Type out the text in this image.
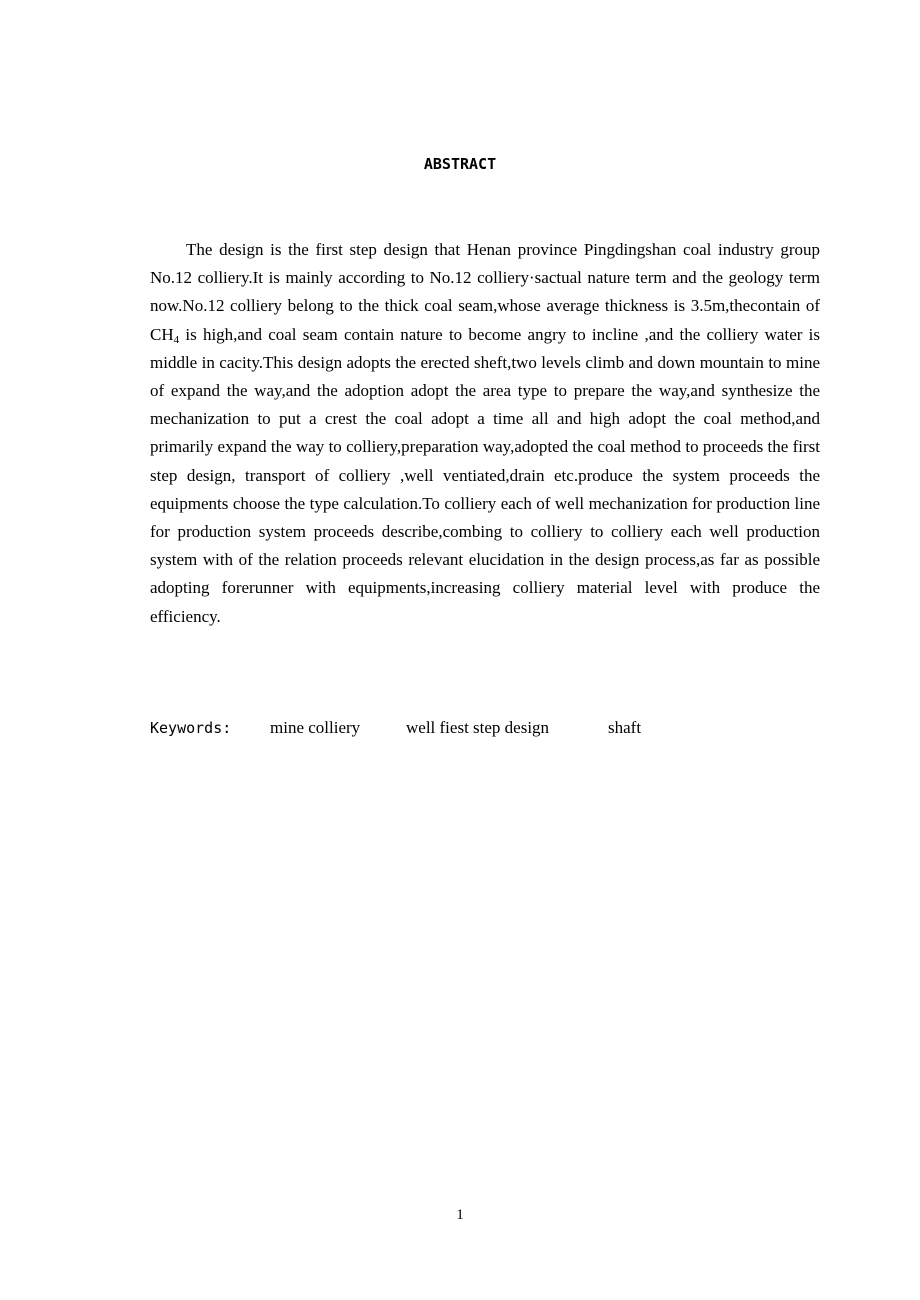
ABSTRACT

The design is the first step design that Henan province Pingdingshan coal industry group No.12 colliery.It is mainly according to No.12 colliery·sactual nature term and the geology term now.No.12 colliery belong to the thick coal seam,whose average thickness is 3.5m,thecontain of $CH_4$ is high,and coal seam contain nature to become angry to incline ,and the colliery water is middle in cacity.This design adopts the erected sheft,two levels climb and down mountain to mine of expand the way,and the adoption adopt the area type to prepare the way,and synthesize the mechanization to put a crest the coal adopt a time all and high adopt the coal method,and primarily expand the way to colliery,preparation way,adopted the coal method to proceeds the first step design, transport of colliery ,well ventiated,drain etc.produce the system proceeds the equipments choose the type calculation.To colliery each of well mechanization for production line for production system proceeds describe,combing to colliery to colliery each well production system with of the relation proceeds relevant elucidation in the design process,as far as possible adopting forerunner with equipments,increasing colliery material level with produce the efficiency.

Keywords:	mine colliery	well fiest step design	shaft
1
